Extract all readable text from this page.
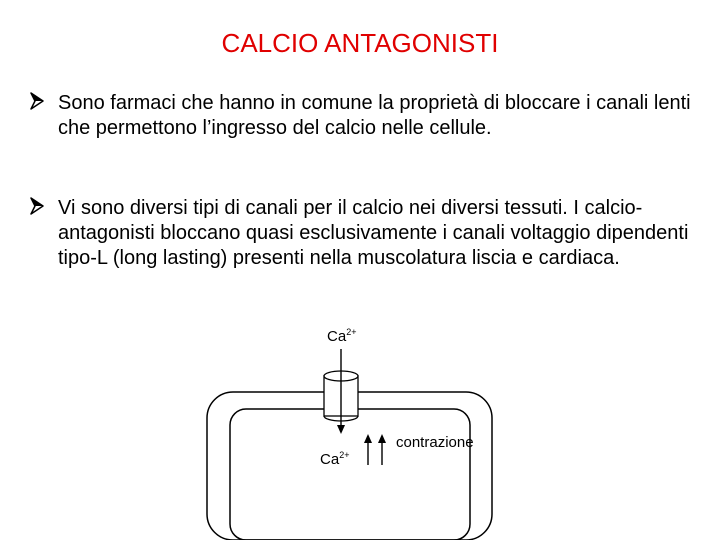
CALCIO ANTAGONISTI
Sono farmaci che hanno in comune la proprietà di bloccare i canali lenti che permettono l’ingresso del calcio nelle cellule.
Vi sono diversi tipi di canali per il calcio nei diversi tessuti. I calcio-antagonisti bloccano quasi esclusivamente i canali voltaggio dipendenti tipo-L (long lasting) presenti nella muscolatura liscia e cardiaca.
$Ca^{2+}$
$Ca^{2+}$
contrazione
